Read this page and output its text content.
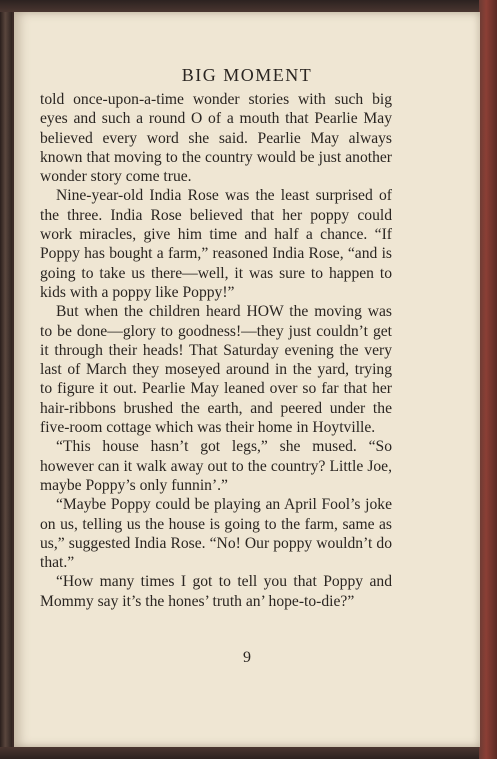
BIG MOMENT

told once-upon-a-time wonder stories with such big eyes and such a round O of a mouth that Pearlie May believed every word she said. Pearlie May always known that moving to the country would be just another wonder story come true.

Nine-year-old India Rose was the least surprised of the three. India Rose believed that her poppy could work miracles, give him time and half a chance. “If Poppy has bought a farm,” reasoned India Rose, “and is going to take us there—well, it was sure to happen to kids with a poppy like Poppy!”

But when the children heard HOW the moving was to be done—glory to goodness!—they just couldn’t get it through their heads! That Saturday evening the very last of March they moseyed around in the yard, trying to figure it out. Pearlie May leaned over so far that her hair-ribbons brushed the earth, and peered under the five-room cottage which was their home in Hoytville.

“This house hasn’t got legs,” she mused. “So however can it walk away out to the country? Little Joe, maybe Poppy’s only funnin’.”

“Maybe Poppy could be playing an April Fool’s joke on us, telling us the house is going to the farm, same as us,” suggested India Rose. “No! Our poppy wouldn’t do that.”

“How many times I got to tell you that Poppy and Mommy say it’s the hones’ truth an’ hope-to-die?”

9
